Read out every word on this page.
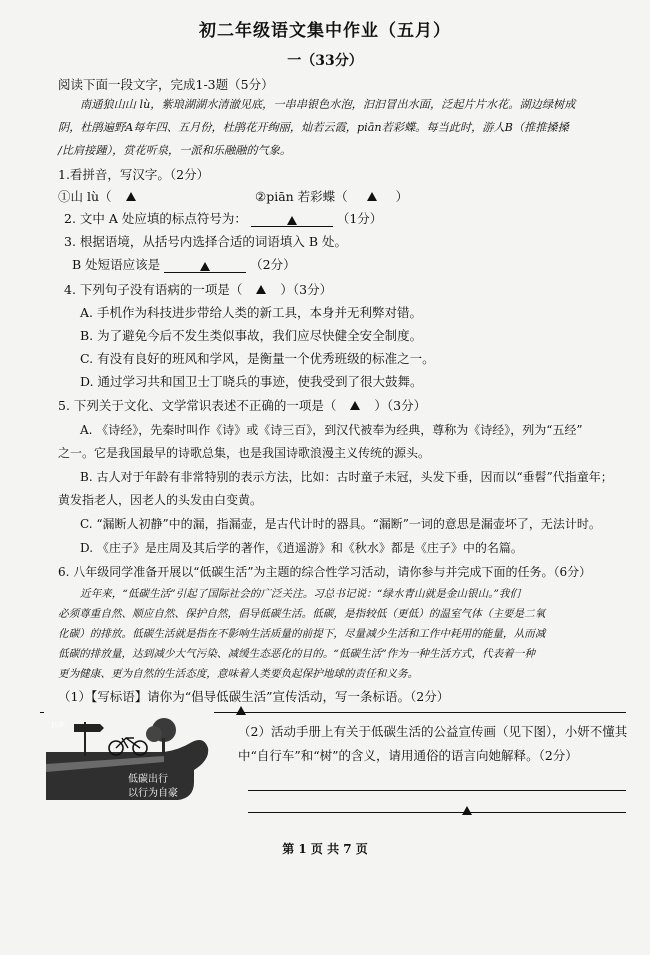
初二年级语文集中作业（五月）
一（33分）
阅读下面一段文字，完成1-3题（5分）
南通狼山山 lù，紫琅湖湖水清澈见底，一串串银色水泡，汩汩冒出水面，泛起片片水花。湖边绿树成
阴，杜鹃遍野A每年四、五月份，杜鹃花开绚丽，灿若云霞，piān若彩蝶。每当此时，游人B（推推搡搡
/比肩接踵），赏花听泉，一派和乐融融的气象。
1.看拼音，写汉字。（2分）
①山 lù（	②piān 若彩蝶（	）
2. 文中 A 处应填的标点符号为：	（1分）
3. 根据语境，从括号内选择合适的词语填入 B 处。
B 处短语应该是	（2分）
4. 下列句子没有语病的一项是（	）（3分）
A. 手机作为科技进步带给人类的新工具，本身并无利弊对错。
B. 为了避免今后不发生类似事故，我们应尽快健全安全制度。
C. 有没有良好的班风和学风，是衡量一个优秀班级的标准之一。
D. 通过学习共和国卫士丁晓兵的事迹，使我受到了很大鼓舞。
5. 下列关于文化、文学常识表述不正确的一项是（	）（3分）
A. 《诗经》，先秦时叫作《诗》或《诗三百》，到汉代被奉为经典，尊称为《诗经》，列为“五经”
之一。它是我国最早的诗歌总集，也是我国诗歌浪漫主义传统的源头。
B. 古人对于年龄有非常特别的表示方法，比如：古时童子未冠，头发下垂，因而以“垂髫”代指童年；
黄发指老人，因老人的头发由白变黄。
C. “漏断人初静”中的漏，指漏壶，是古代计时的器具。“漏断”一词的意思是漏壶坏了，无法计时。
D. 《庄子》是庄周及其后学的著作，《逍遥游》和《秋水》都是《庄子》中的名篇。
6. 八年级同学准备开展以“低碳生活”为主题的综合性学习活动，请你参与并完成下面的任务。（6分）
近年来，“低碳生活”引起了国际社会的广泛关注。习总书记说：“绿水青山就是金山银山。”我们
必须尊重自然、顺应自然、保护自然，倡导低碳生活。低碳，是指较低（更低）的温室气体（主要是二氧
化碳）的排放。低碳生活就是指在不影响生活质量的前提下，尽量减少生活和工作中耗用的能量，从而减
低碳的排放量，达到减少大气污染、减缓生态恶化的目的。“低碳生活”作为一种生活方式，代表着一种
更为健康、更为自然的生活态度，意味着人类要负起保护地球的责任和义务。
（1）【写标语】请你为“倡导低碳生活”宣传活动，写一条标语。（2分）
低碳
低碳出行
以行为自豪
（2）活动手册上有关于低碳生活的公益宣传画（见下图），小妍不懂其
中“自行车”和“树”的含义，请用通俗的语言向她解释。（2分）
第 1 页 共 7 页
